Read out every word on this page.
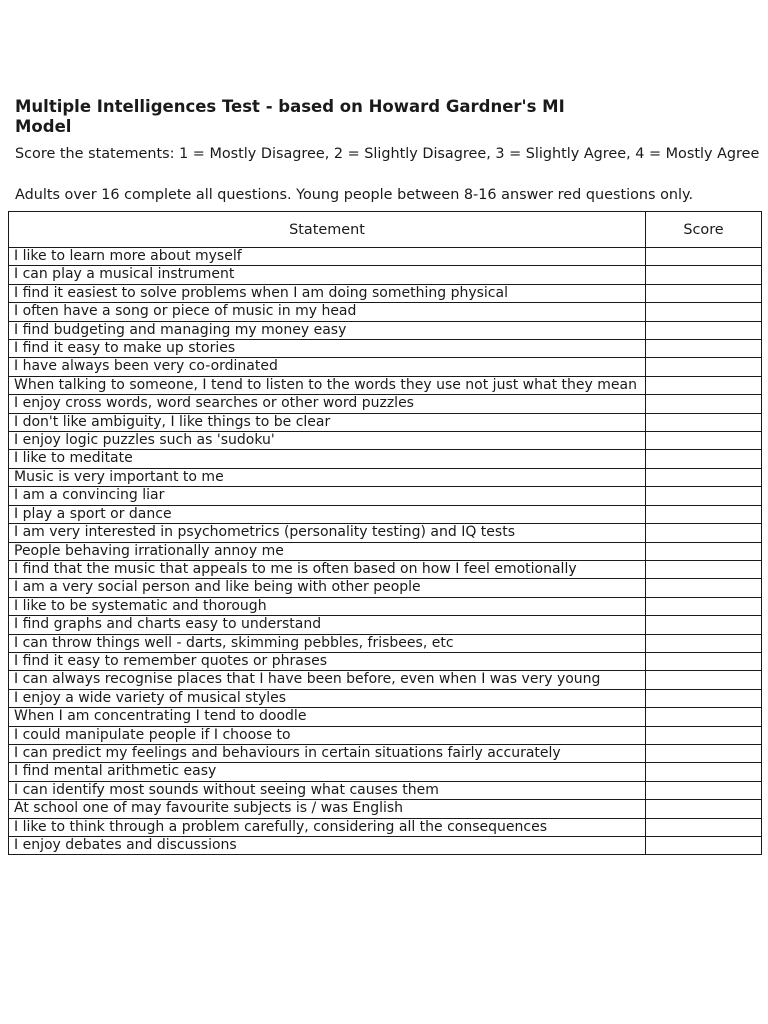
Multiple Intelligences Test - based on Howard Gardner's MI Model

Score the statements: 1 = Mostly Disagree, 2 = Slightly Disagree, 3 = Slightly Agree, 4 = Mostly Agree

Adults over 16 complete all questions. Young people between 8-16 answer red questions only.

Statement	Score
I like to learn more about myself	
I can play a musical instrument	
I find it easiest to solve problems when I am doing something physical	
I often have a song or piece of music in my head	
I find budgeting and managing my money easy	
I find it easy to make up stories	
I have always been very co-ordinated	
When talking to someone, I tend to listen to the words they use not just what they mean	
I enjoy cross words, word searches or other word puzzles	
I don't like ambiguity, I like things to be clear	
I enjoy logic puzzles such as 'sudoku'	
I like to meditate	
Music is very important to me	
I am a convincing liar	
I play a sport or dance	
I am very interested in psychometrics (personality testing) and IQ tests	
People behaving irrationally annoy me	
I find that the music that appeals to me is often based on how I feel emotionally	
I am a very social person and like being with other people	
I like to be systematic and thorough	
I find graphs and charts easy to understand	
I can throw things well - darts, skimming pebbles, frisbees, etc	
I find it easy to remember quotes or phrases	
I can always recognise places that I have been before, even when I was very young	
I enjoy a wide variety of musical styles	
When I am concentrating I tend to doodle	
I could manipulate people if I choose to	
I can predict my feelings and behaviours in certain situations fairly accurately	
I find mental arithmetic easy	
I can identify most sounds without seeing what causes them	
At school one of may favourite subjects is / was English	
I like to think through a problem carefully, considering all the consequences	
I enjoy debates and discussions	
